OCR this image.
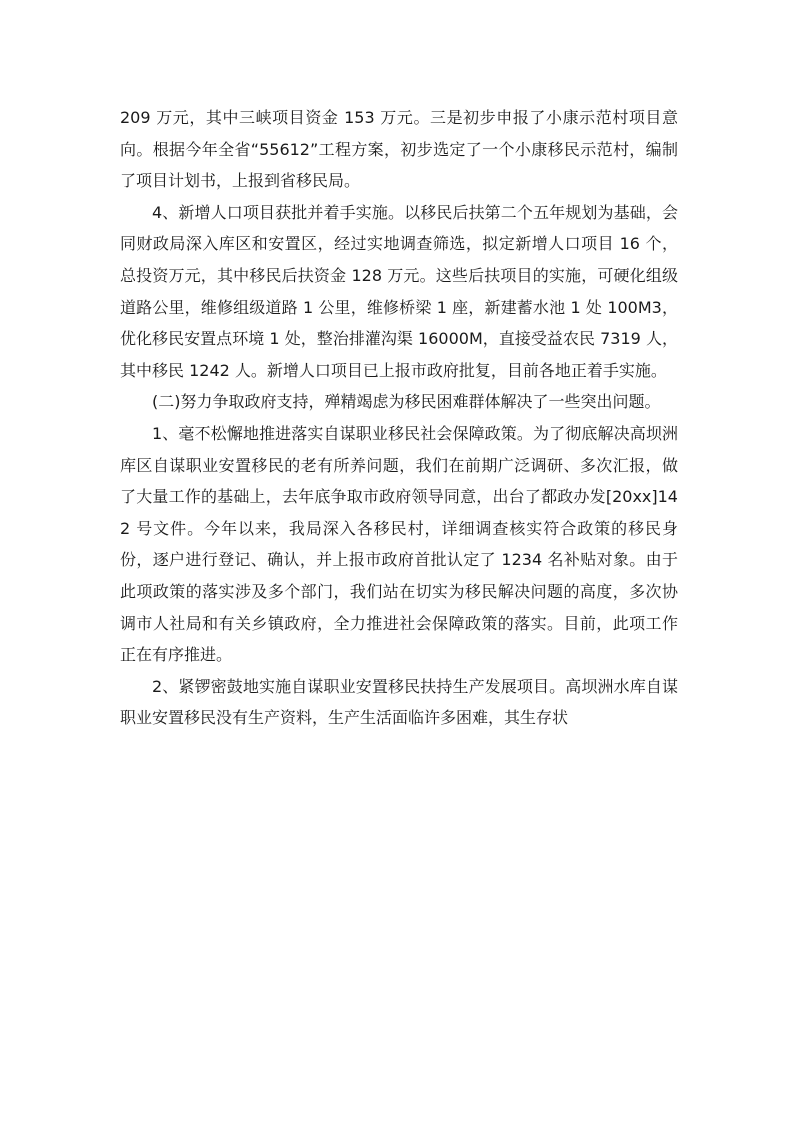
209 万元，其中三峡项目资金 153 万元。三是初步申报了小康示范村项目意向。根据今年全省“55612”工程方案，初步选定了一个小康移民示范村，编制了项目计划书，上报到省移民局。

4、新增人口项目获批并着手实施。以移民后扶第二个五年规划为基础，会同财政局深入库区和安置区，经过实地调查筛选，拟定新增人口项目 16 个，总投资万元，其中移民后扶资金 128 万元。这些后扶项目的实施，可硬化组级道路公里，维修组级道路 1 公里，维修桥梁 1 座，新建蓄水池 1 处 100M3，优化移民安置点环境 1 处，整治排灌沟渠 16000M，直接受益农民 7319 人，其中移民 1242 人。新增人口项目已上报市政府批复，目前各地正着手实施。

(二)努力争取政府支持，殚精竭虑为移民困难群体解决了一些突出问题。

1、毫不松懈地推进落实自谋职业移民社会保障政策。为了彻底解决高坝洲库区自谋职业安置移民的老有所养问题，我们在前期广泛调研、多次汇报，做了大量工作的基础上，去年底争取市政府领导同意，出台了都政办发[20xx]142 号文件。今年以来，我局深入各移民村，详细调查核实符合政策的移民身份，逐户进行登记、确认，并上报市政府首批认定了 1234 名补贴对象。由于此项政策的落实涉及多个部门，我们站在切实为移民解决问题的高度，多次协调市人社局和有关乡镇政府，全力推进社会保障政策的落实。目前，此项工作正在有序推进。

2、紧锣密鼓地实施自谋职业安置移民扶持生产发展项目。高坝洲水库自谋职业安置移民没有生产资料，生产生活面临许多困难，其生存状
